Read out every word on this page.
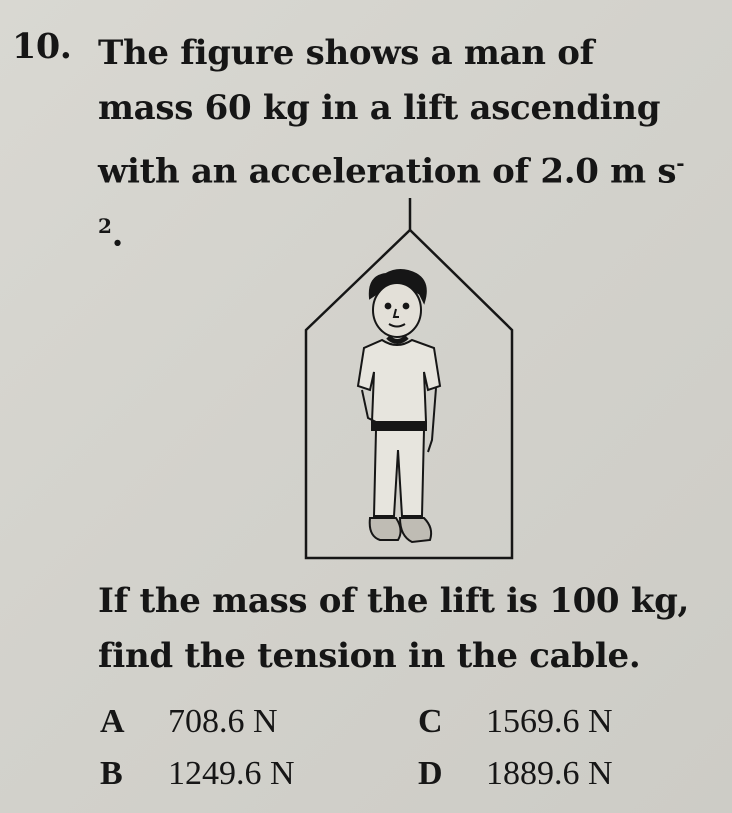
10. The figure shows a man of mass 60 kg in a lift ascending with an acceleration of 2.0 m $s^{-2}$.

If the mass of the lift is 100 kg, find the tension in the cable.

A 708.6 N
B 1249.6 N
C 1569.6 N
D 1889.6 N
